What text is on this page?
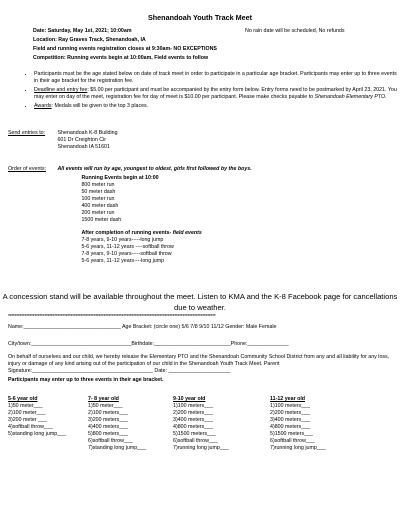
Shenandoah Youth Track Meet
Date: Saturday, May 1st, 2021; 10:00am	No rain date will be scheduled, No refunds
Location: Ray Graves Track, Shenandoah, IA
Field and running events registration closes at 9:30am- NO EXCEPTIONS
Competition: Running events begin at 10:00am, Field events to follow
• Participants must be the age stated below on date of track meet in order to participate in a particular age bracket. Participants may enter up to three events in their age bracket for the registration fee.
• Deadline and entry fee: $5.00 per participant and must be accompanied by the entry form below. Entry forms need to be postmarked by April 23, 2021. You may enter on day of the meet, registration fee for day of meet is $10.00 per participant. Please make checks payable to Shenandoah Elementary PTO.
• Awards: Medals will be given to the top 3 places.
Send entries to: Shenandoah K-8 Building
601 Dr Creighton Cir
Shenandoah IA 51601
Order of events: All events will run by age, youngest to oldest, girls first followed by the boys.
Running Events begin at 10:00
800 meter run
50 meter dash
100 meter run
400 meter dash
200 meter run
1500 meter dash
After completion of running events- field events
7-8 years, 9-10 years-----long jump
5-6 years, 11-12 years ----softball throw
7-8 years, 9-10 years-----softball throw
5-6 years, 11-12 years----long jump
A concession stand will be available throughout the meet. Listen to KMA and the K-8 Facebook page for cancellations due to weather.
******************************************************************************************************************************
Name:_________________________________ Age Bracket: (circle one) 5/6 7/8 9/10 11/12 Gender: Male Female
City/town:__________________________________Birthdate:__________________________Phone:______________
On behalf of ourselves and our child, we hereby release the Elementary PTO and the Shenandoah Community School District from any and all liability for any loss, injury or damage of any kind arising out of the participation of our child in the Shenandoah Youth Track Meet. Parent Signature:_________________________________________ Date: _____________________
Participants may enter up to three events in their age bracket.
5-6 year old
1)50 meter___
2)100 meter___
3)200 meter ___
4)softball throw___
5)standing long jump___
7- 8 year old
1)50 meter___
2)100 meters___
3)200 meters___
4)400 meters___
5)800 meters___
6)softball throw___
7)standing long jump___
9-10 year old
1)100 meters___
2)200 meters___
3)400 meters___
4)800 meters___
5)1500 meters___
6)softball throw___
7)running long jump___
11-12 year old
1)100 meters___
2)200 meters___
3)400 meters___
4)800 meters___
5)1500 meters___
6)softball throw___
7)running long jump___
